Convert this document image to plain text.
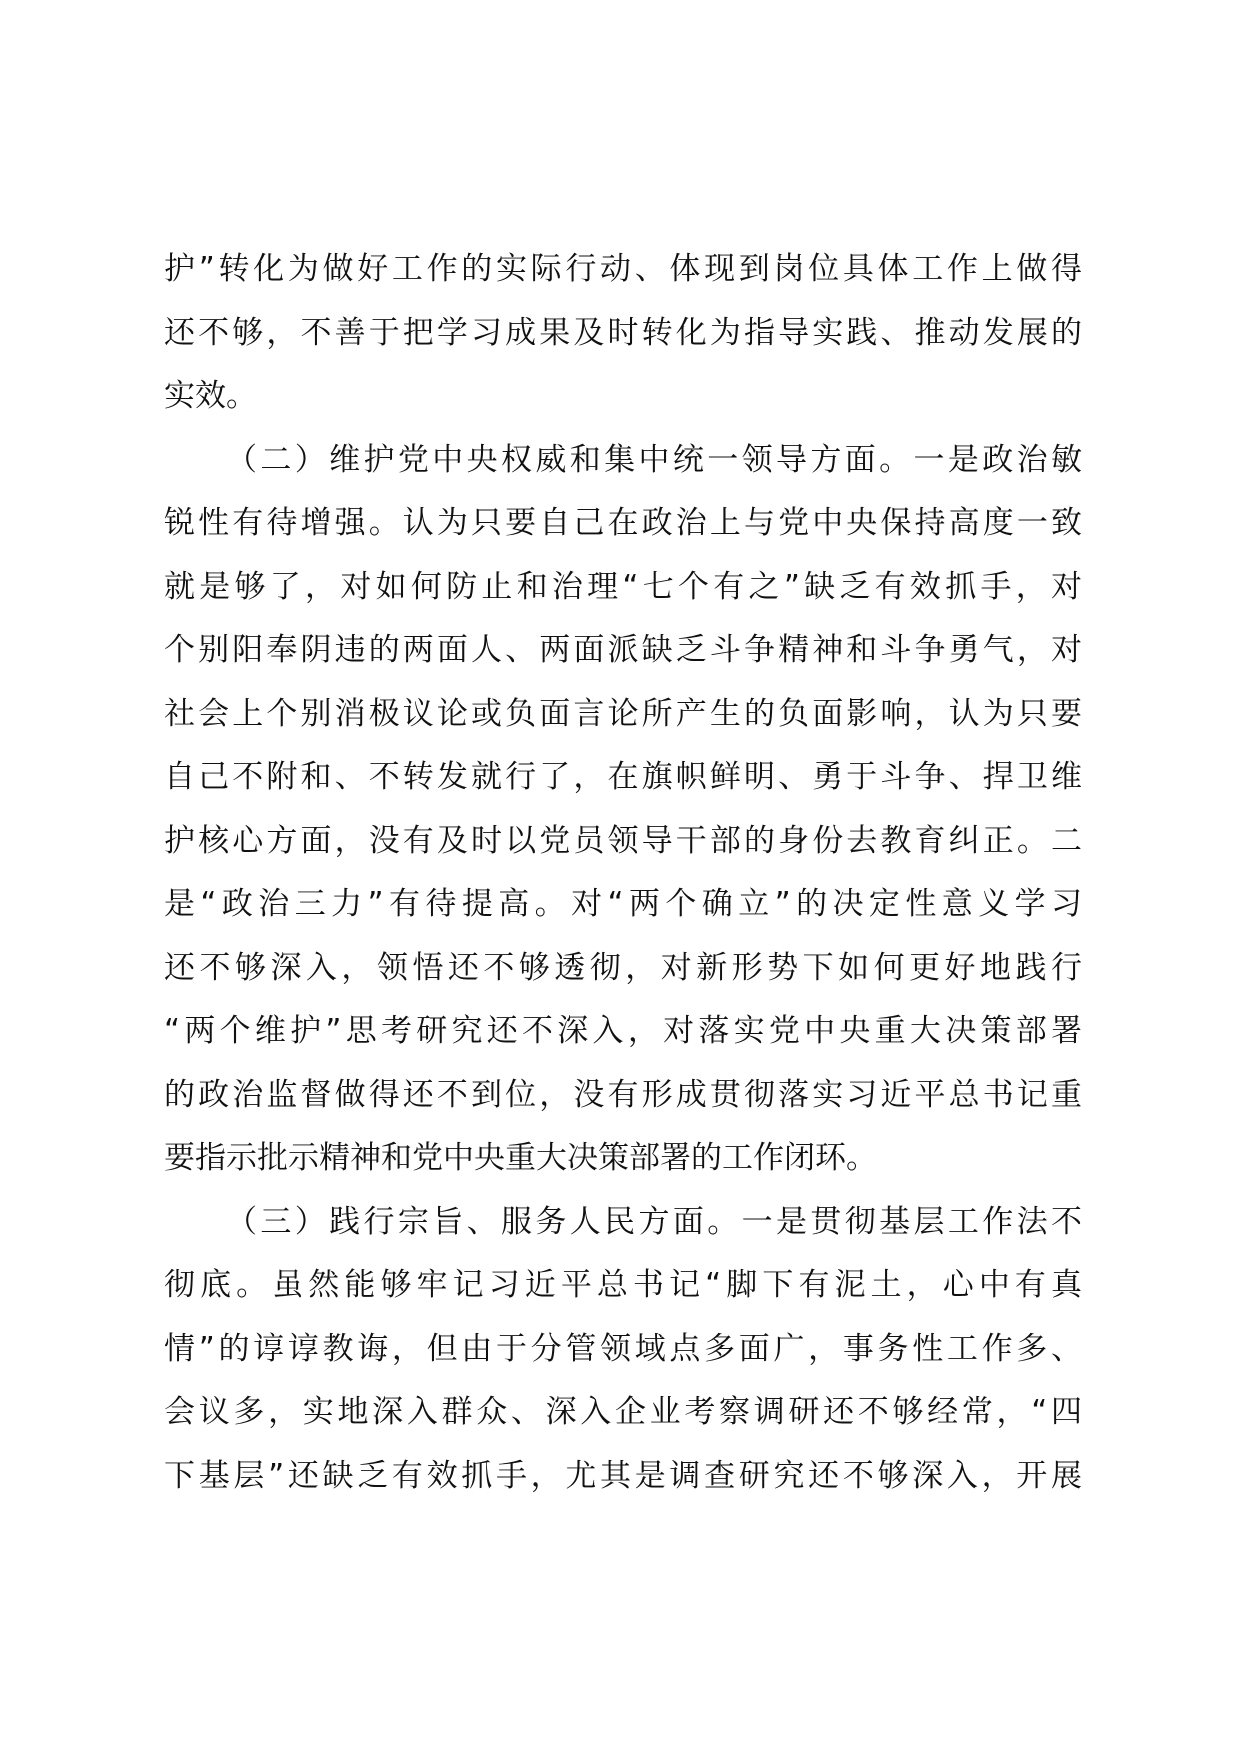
护”转化为做好工作的实际行动、体现到岗位具体工作上做得
还不够，不善于把学习成果及时转化为指导实践、推动发展的
实效。
（二）维护党中央权威和集中统一领导方面。一是政治敏
锐性有待增强。认为只要自己在政治上与党中央保持高度一致
就是够了，对如何防止和治理“七个有之”缺乏有效抓手，对
个别阳奉阴违的两面人、两面派缺乏斗争精神和斗争勇气，对
社会上个别消极议论或负面言论所产生的负面影响，认为只要
自己不附和、不转发就行了，在旗帜鲜明、勇于斗争、捍卫维
护核心方面，没有及时以党员领导干部的身份去教育纠正。二
是“政治三力”有待提高。对“两个确立”的决定性意义学习
还不够深入，领悟还不够透彻，对新形势下如何更好地践行
“两个维护”思考研究还不深入，对落实党中央重大决策部署
的政治监督做得还不到位，没有形成贯彻落实习近平总书记重
要指示批示精神和党中央重大决策部署的工作闭环。
（三）践行宗旨、服务人民方面。一是贯彻基层工作法不
彻底。虽然能够牢记习近平总书记“脚下有泥土，心中有真
情”的谆谆教诲，但由于分管领域点多面广，事务性工作多、
会议多，实地深入群众、深入企业考察调研还不够经常，“四
下基层”还缺乏有效抓手，尤其是调查研究还不够深入，开展
